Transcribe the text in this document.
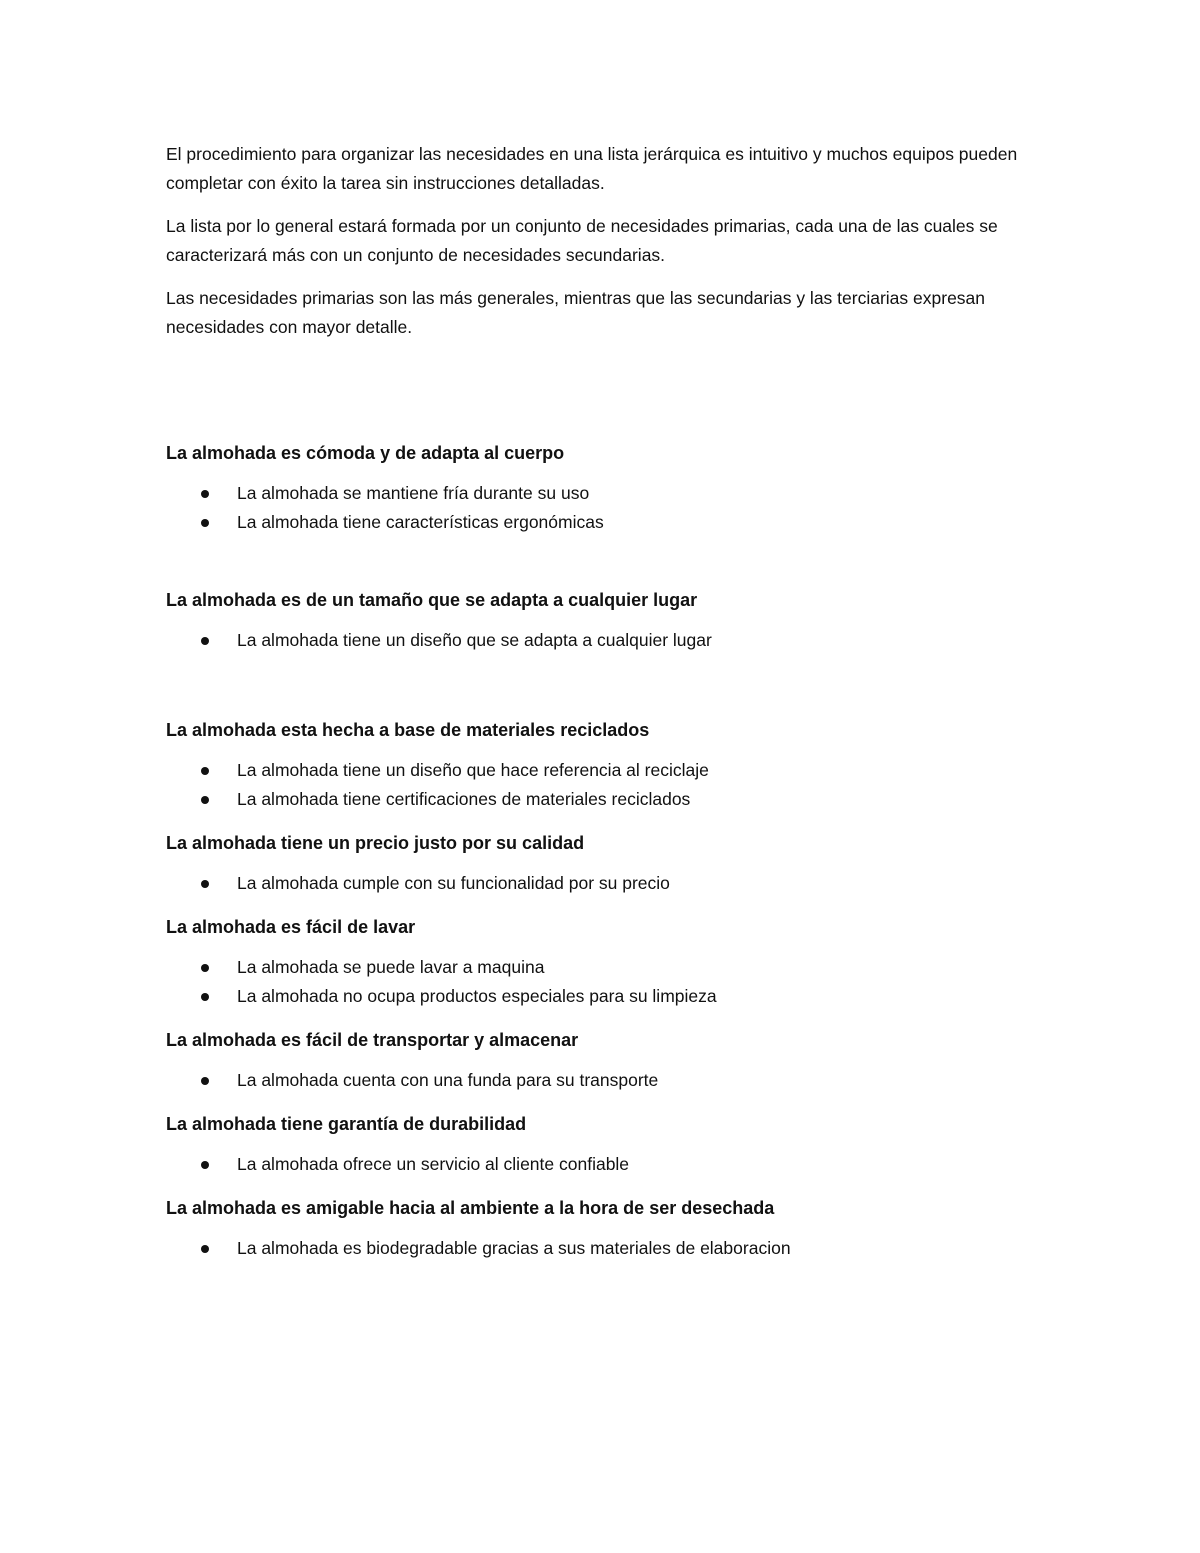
El procedimiento para organizar las necesidades en una lista jerárquica es intuitivo y muchos equipos pueden completar con éxito la tarea sin instrucciones detalladas.

La lista por lo general estará formada por un conjunto de necesidades primarias, cada una de las cuales se caracterizará más con un conjunto de necesidades secundarias.

Las necesidades primarias son las más generales, mientras que las secundarias y las terciarias expresan necesidades con mayor detalle.

La almohada es cómoda y de adapta al cuerpo
La almohada se mantiene fría durante su uso
La almohada tiene características ergonómicas
La almohada es de un tamaño que se adapta a cualquier lugar
La almohada tiene un diseño que se adapta a cualquier lugar
La almohada esta hecha a base de materiales reciclados
La almohada tiene un diseño que hace referencia al reciclaje
La almohada tiene certificaciones de materiales reciclados
La almohada tiene un precio justo por su calidad
La almohada cumple con su funcionalidad por su precio
La almohada es fácil de lavar
La almohada se puede lavar a maquina
La almohada no ocupa productos especiales para su limpieza
La almohada es fácil de transportar y almacenar
La almohada cuenta con una funda para su transporte
La almohada tiene garantía de durabilidad
La almohada ofrece un servicio al cliente confiable
La almohada es amigable hacia al ambiente a la hora de ser desechada
La almohada es biodegradable gracias a sus materiales de elaboracion
